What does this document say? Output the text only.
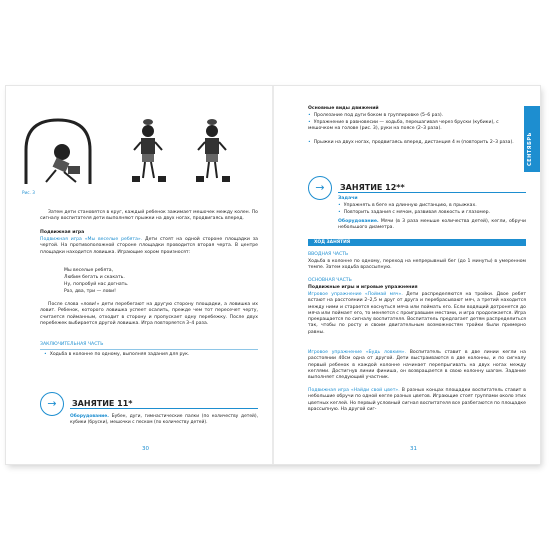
Рис. 3

Затем дети становятся в круг, каждый ребенок зажимает мешочек между колен. По сигналу воспитателя дети выполняют прыжки на двух ногах, продвигаясь вперед.

Подвижная игра

Подвижная игра «Мы веселые ребята». Дети стоят на одной стороне площадки за чертой. На противоположной стороне площадки проводится вторая черта. В центре площадки находится ловишка. Играющие хором произносят:

Мы веселые ребята,
Любим бегать и скакать.
Ну, попробуй нас догнать.
Раз, два, три — лови!

После слова «лови!» дети перебегают на другую сторону площадки, а ловишка их ловит. Ребенок, которого ловишка успеет осалить, прежде чем тот пересечет черту, считается пойманным, отходит в сторону и пропускает одну перебежку. После двух перебежек выбирается другой ловишка. Игра повторяется 3–4 раза.

ЗАКЛЮЧИТЕЛЬНАЯ ЧАСТЬ

• Ходьба в колонне по одному, выполняя задания для рук.

→	ЗАНЯТИЕ 11*

Оборудование. Бубен, дуги, гимнастические палки (по количеству детей), кубики (бруски), мешочки с песком (по количеству детей).

30
СЕНТЯБРЬ
Основные виды движений

• Пролезание под дуги боком в группировке (5–6 раз).

• Упражнение в равновесии — ходьба, перешагивая через бруски (кубики), с мешочком на голове (рис. 3), руки на поясе (2–3 раза).

• Прыжки на двух ногах, продвигаясь вперед, дистанция 4 м (повторить 2–3 раза).

→	ЗАНЯТИЕ 12**
Задачи

• Упражнять в беге на длинную дистанцию, в прыжках.

• Повторить задания с мячом, развивая ловкость и глазомер.

Оборудование. Мячи (в 3 раза меньше количества детей), кегли, обручи небольшого диаметра.

ХОД ЗАНЯТИЯ
ВВОДНАЯ ЧАСТЬ

Ходьба в колонне по одному, переход на непрерывный бег (до 1 минуты) в умеренном темпе. Затем ходьба врассыпную.

ОСНОВНАЯ ЧАСТЬ
Подвижные игры и игровые упражнения

Игровое упражнение «Поймай мяч». Дети распределяются на тройки. Двое ребят встают на расстоянии 2–2,5 м друг от друга и перебрасывают мяч, а третий находится между ними и старается коснуться мяча или поймать его. Если водящий дотронется до мяча или поймает его, то меняется с проигравшим местами, и игра продолжается. Игра прекращается по сигналу воспитателя. Воспитатель предлагает детям распределиться так, чтобы по росту и своим двигательным возможностям тройки были примерно равны.

Игровое упражнение «Будь ловким». Воспитатель ставит в две линии кегли на расстоянии 40см одна от другой. Дети выстраиваются в две колонны, и по сигналу первый ребенок в каждой колонне начинает перепрыгивать на двух ногах между кеглями. Достигнув линии финиша, он возвращается в свою колонну шагом. Задание выполняет следующий участник.

Подвижная игра «Найди свой цвет». В разных концах площадки воспитатель ставит в небольшие обручи по одной кегле разных цветов. Играющие стоят группами около этих цветных кеглей. Но первый условный сигнал воспитателя все разбегаются по площадке врассыпную. На другой сиг-

31
